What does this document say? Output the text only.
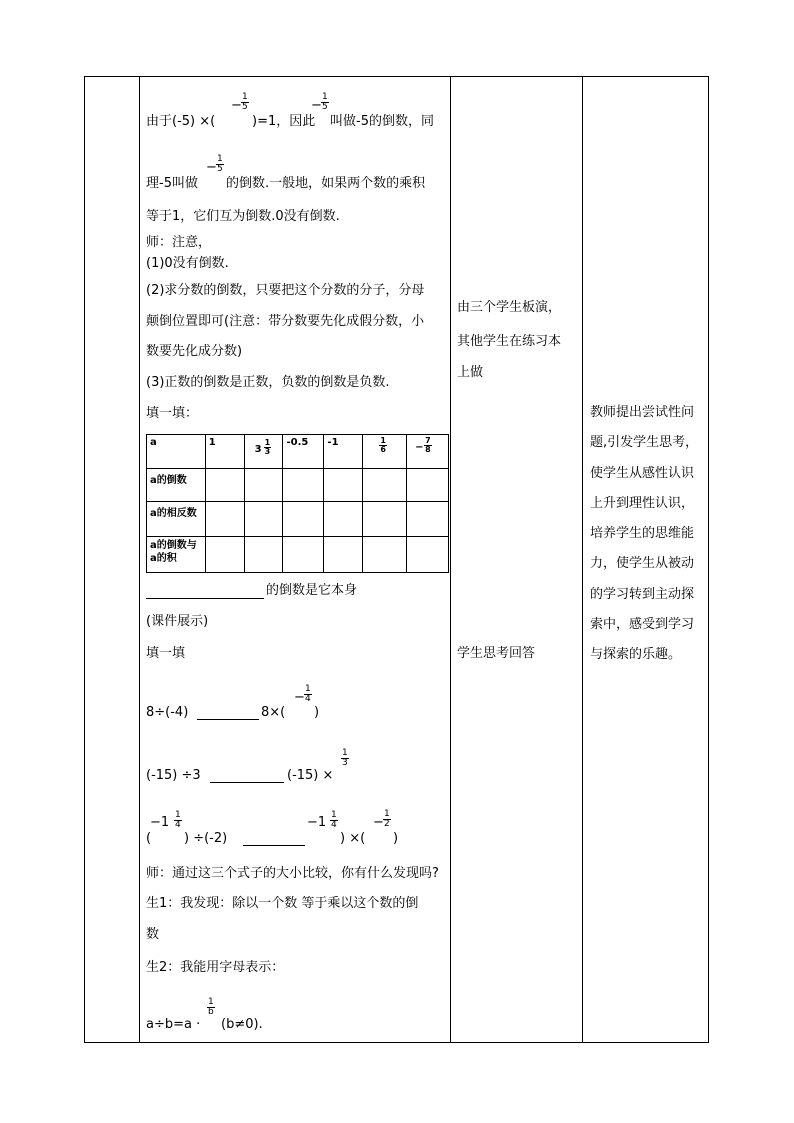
由于(-5) ×(
− $\frac{1}{5}$
)=1，因此
− $\frac{1}{5}$
叫做-5的倒数，同
理-5叫做
− $\frac{1}{5}$
的倒数.一般地，如果两个数的乘积
等于1，它们互为倒数.0没有倒数.
师：注意，
(1)0没有倒数.
(2)求分数的倒数，只要把这个分数的分子，分母
颠倒位置即可(注意：带分数要先化成假分数，小
数要先化成分数)
(3)正数的倒数是正数，负数的倒数是负数.
填一填：
a	1	$3 \frac{1}{3}$	-0.5	-1	$\frac{1}{6}$	− $\frac{7}{8}$

a的倒数						
a的相反数						
a的倒数与a的积						
的倒数是它本身
(课件展示)
填一填
8÷(-4)	8×(
− $\frac{1}{4}$
)
(-15) ÷3	(-15) ×
$\frac{1}{3}$
(
$-1 \frac{1}{4}$
) ÷(-2)
$-1 \frac{1}{4}$
) ×(
− $\frac{1}{2}$
)
师：通过这三个式子的大小比较，你有什么发现吗?
生1：我发现：除以一个数 等于乘以这个数的倒
数
生2：我能用字母表示：
a÷b=a ·
$\frac{1}{b}$
(b≠0).
由三个学生板演，
其他学生在练习本
上做
学生思考回答

教师提出尝试性问

题,引发学生思考，

使学生从感性认识

上升到理性认识，

培养学生的思维能

力，使学生从被动

的学习转到主动探

索中，感受到学习

与探索的乐趣。
